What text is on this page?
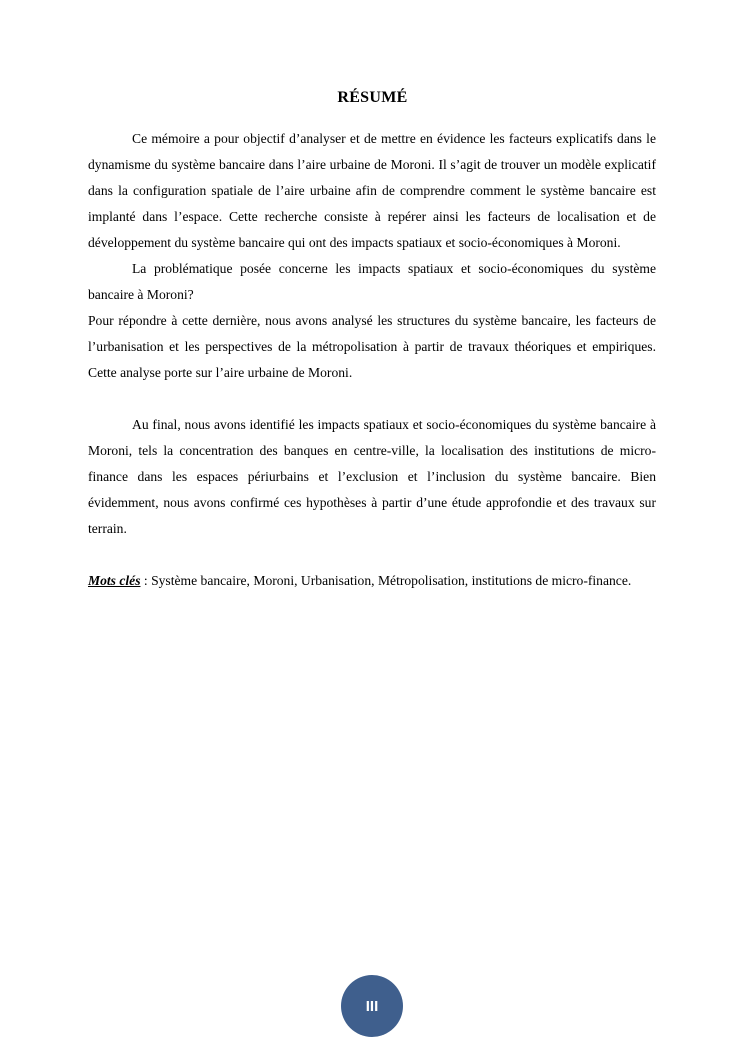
RÉSUMÉ

Ce mémoire a pour objectif d’analyser et de mettre en évidence les facteurs explicatifs dans le dynamisme du système bancaire dans l’aire urbaine de Moroni. Il s’agit de trouver un modèle explicatif dans la configuration spatiale de l’aire urbaine afin de comprendre comment le système bancaire est implanté dans l’espace. Cette recherche consiste à repérer ainsi les facteurs de localisation et de développement du système bancaire qui ont des impacts spatiaux et socio-économiques à Moroni.

La problématique posée concerne les impacts spatiaux et socio-économiques du système bancaire à Moroni?

Pour répondre à cette dernière, nous avons analysé les structures du système bancaire, les facteurs de l’urbanisation et les perspectives de la métropolisation à partir de travaux théoriques et empiriques. Cette analyse porte sur l’aire urbaine de Moroni.

Au final, nous avons identifié les impacts spatiaux et socio-économiques du système bancaire à Moroni, tels la concentration des banques en centre-ville, la localisation des institutions de micro-finance dans les espaces périurbains et l’exclusion et l’inclusion du système bancaire. Bien évidemment, nous avons confirmé ces hypothèses à partir d’une étude approfondie et des travaux sur terrain.

Mots clés : Système bancaire, Moroni, Urbanisation, Métropolisation, institutions de micro-finance.

III
